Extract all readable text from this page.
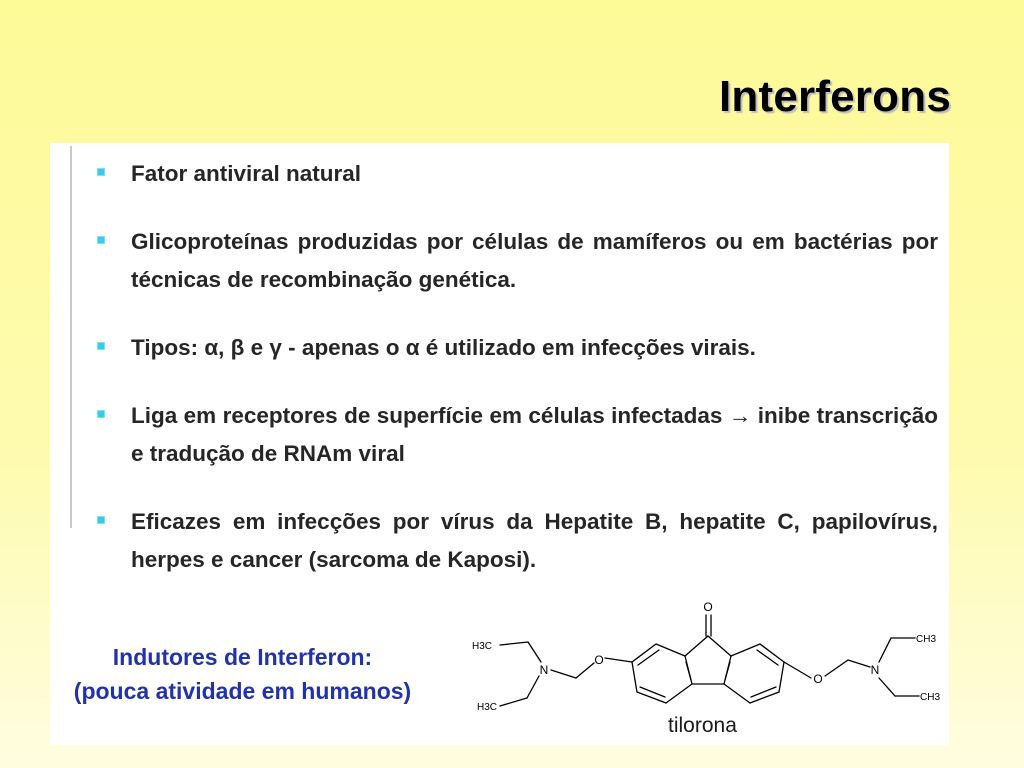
Interferons
Fator antiviral natural
Glicoproteínas produzidas por células de mamíferos ou em bactérias por técnicas de recombinação genética.
Tipos: α, β e γ - apenas o α é utilizado em infecções virais.
Liga em receptores de superfície em células infectadas → inibe transcrição e tradução de RNAm viral
Eficazes em infecções por vírus da Hepatite B, hepatite C, papilovírus, herpes e cancer (sarcoma de Kaposi).
Indutores de Interferon:
(pouca atividade em humanos)
O
O
O
N	N
H3C
H3C
CH3
CH3
tilorona
